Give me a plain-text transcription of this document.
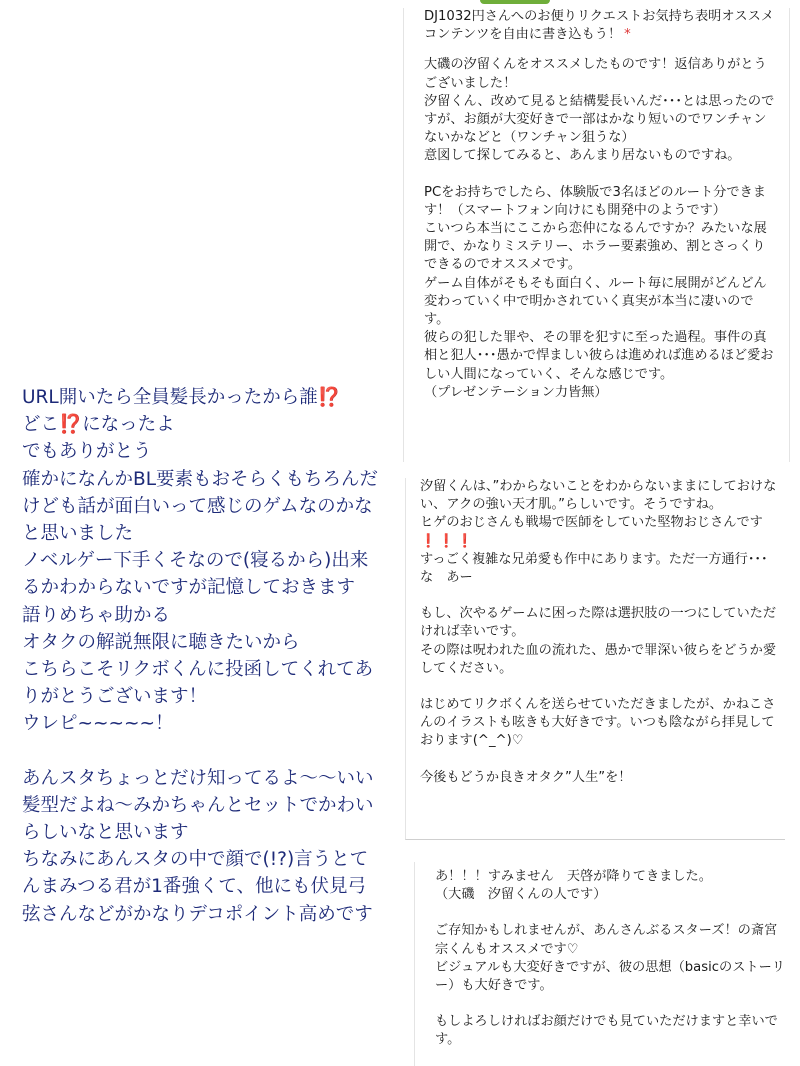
DJ1032円さんへのお便りリクエストお気持ち表明オススメコンテンツを自由に書き込もう！ *

大磯の汐留くんをオススメしたものです！返信ありがとうございました！
汐留くん、改めて見ると結構髪長いんだ･･･とは思ったのですが、お顔が大変好きで一部はかなり短いのでワンチャンないかなどと（ワンチャン狙うな）
意図して探してみると、あんまり居ないものですね。

PCをお持ちでしたら、体験版で3名ほどのルート分できます！（スマートフォン向けにも開発中のようです）
こいつら本当にここから恋仲になるんですか？みたいな展開で、かなりミステリー、ホラー要素強め、割とさっくりできるのでオススメです。
ゲーム自体がそもそも面白く、ルート毎に展開がどんどん変わっていく中で明かされていく真実が本当に凄いのです。
彼らの犯した罪や、その罪を犯すに至った過程。事件の真相と犯人･･･愚かで悍ましい彼らは進めれば進めるほど愛おしい人間になっていく、そんな感じです。
（プレゼンテーション力皆無）

汐留くんは、”わからないことをわからないままにしておけない、アクの強い天才肌。”らしいです。そうですね。
ヒゲのおじさんも戦場で医師をしていた堅物おじさんです❗❗❗
すっごく複雑な兄弟愛も作中にあります。ただ一方通行･･･な　あー

もし、次やるゲームに困った際は選択肢の一つにしていただければ幸いです。
その際は呪われた血の流れた、愚かで罪深い彼らをどうか愛してください。

はじめてリクボくんを送らせていただきましたが、かねこさんのイラストも呟きも大好きです。いつも陰ながら拝見しております(^_^)♡

今後もどうか良きオタク”人生”を！

あ！！！すみません　天啓が降りてきました。
（大磯　汐留くんの人です）

ご存知かもしれませんが、あんさんぶるスターズ！の斎宮宗くんもオススメです♡
ビジュアルも大変好きですが、彼の思想（basicのストーリー）も大好きです。

もしよろしければお顔だけでも見ていただけますと幸いです。

URL開いたら全員髪長かったから誰⁉️

どこ⁉️になったよ

でもありがとう
確かになんかBL要素もおそらくもちろんだけども話が面白いって感じのゲムなのかなと思いました
ノベルゲー下手くそなので(寝るから)出来るかわからないですが記憶しておきます
語りめちゃ助かる
オタクの解説無限に聴きたいから
こちらこそリクボくんに投函してくれてありがとうございます！
ウレピ~~~~~！

あんスタちょっとだけ知ってるよ〜〜いい髪型だよね〜みかちゃんとセットでかわいらしいなと思います
ちなみにあんスタの中で顔で(!?)言うとてんまみつる君が1番強くて、他にも伏見弓弦さんなどがかなりデコポイント高めです
